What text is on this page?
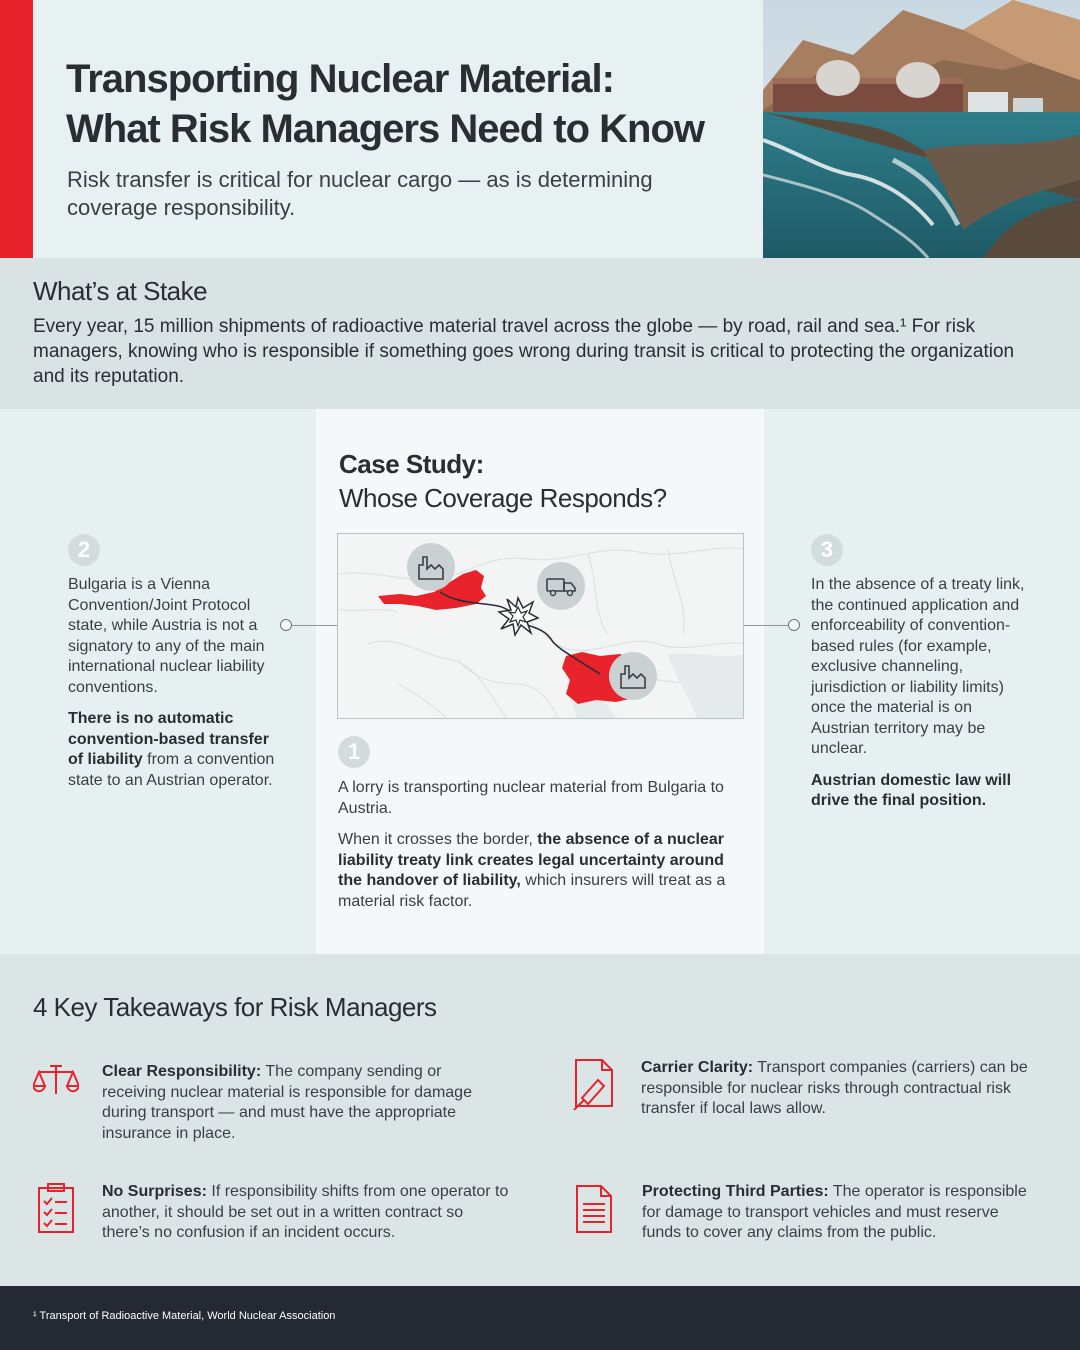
Transporting Nuclear Material:
What Risk Managers Need to Know

Risk transfer is critical for nuclear cargo — as is determining coverage responsibility.

What’s at Stake

Every year, 15 million shipments of radioactive material travel across the globe — by road, rail and sea.¹ For risk managers, knowing who is responsible if something goes wrong during transit is critical to protecting the organization and its reputation.

Case Study:
Whose Coverage Responds?
2

Bulgaria is a Vienna Convention/Joint Protocol state, while Austria is not a signatory to any of the main international nuclear liability conventions.

There is no automatic convention-based transfer of liability from a convention state to an Austrian operator.

1

A lorry is transporting nuclear material from Bulgaria to Austria.

When it crosses the border, the absence of a nuclear liability treaty link creates legal uncertainty around the handover of liability, which insurers will treat as a material risk factor.

3

In the absence of a treaty link, the continued application and enforceability of convention-based rules (for example, exclusive channeling, jurisdiction or liability limits) once the material is on Austrian territory may be unclear.

Austrian domestic law will drive the final position.

4 Key Takeaways for Risk Managers
Clear Responsibility: The company sending or receiving nuclear material is responsible for damage during transport — and must have the appropriate insurance in place.
Carrier Clarity: Transport companies (carriers) can be responsible for nuclear risks through contractual risk transfer if local laws allow.
No Surprises: If responsibility shifts from one operator to another, it should be set out in a written contract so there’s no confusion if an incident occurs.
Protecting Third Parties: The operator is responsible for damage to transport vehicles and must reserve funds to cover any claims from the public.
¹ Transport of Radioactive Material, World Nuclear Association
